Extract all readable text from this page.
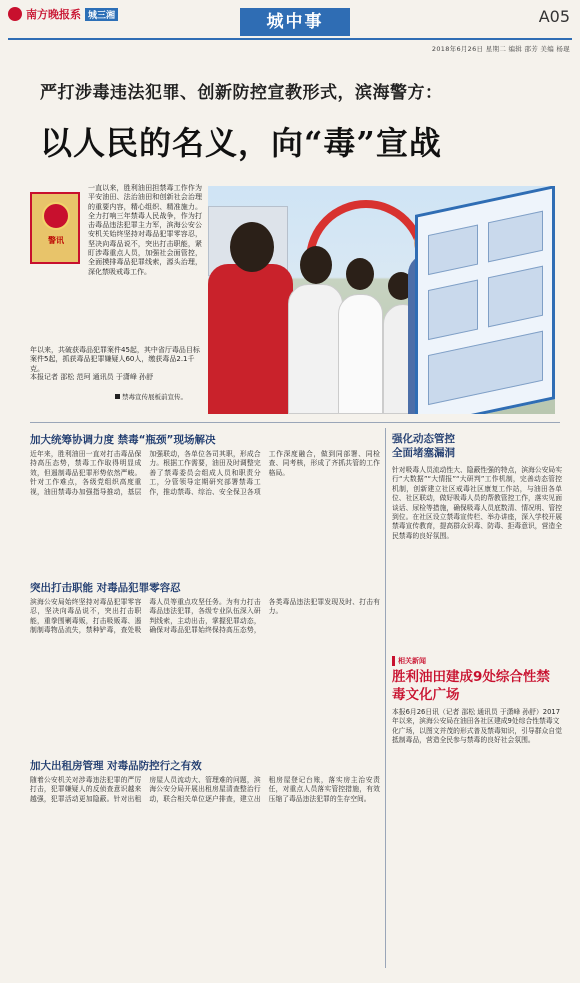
南方晚报系 城三湘	城中事	A05
2018年6月26日 星期二 编辑 邵芳 美编 杨琨
严打涉毒违法犯罪、创新防控宣教形式，滨海警方：
以人民的名义，向“毒”宣战
警讯
一直以来，胜利油田担禁毒工作作为平安油田、法治油田和创新社会治理的重要内容，精心组织、精准施力。全力打响三年禁毒人民战争，作为打击毒品违法犯罪主力军，滨海公安公安机关始终坚持对毒品犯罪零容忍，坚决向毒品说不，突出打击职能，紧盯涉毒重点人员，加强社会面管控，全面摸排毒品犯罪线索，源头治理，深化禁吸戒毒工作。
年以来，共破获毒品犯罪案件45起，其中省厅毒品目标案件5起，抓获毒品犯罪嫌疑人60人，缴获毒品2.1千克。
本报记者 邵松 范珂 通讯员 于潇峰 孙舒
禁毒宣传展板前宣传。
加大统筹协调力度 禁毒“瓶颈”现场解决
近年来，胜利油田一直对打击毒品保持高压态势，禁毒工作取得明显成效，但遏制毒品犯罪形势依然严峻。针对工作难点，各级党组织高度重视，油田禁毒办加强指导推动，基层加强联动，各单位各司其职，形成合力。根据工作需要，油田及时调整完善了禁毒委员会组成人员和职责分工，分管领导定期研究部署禁毒工作，推动禁毒、综治、安全保卫各项工作深度融合，做到同部署、同检查、同考核，形成了齐抓共管的工作格局。
强化动态管控
全面堵塞漏洞
针对吸毒人员流动性大、隐蔽性强的特点，滨海公安局实行“大数据”“大情报”“大研判”工作机制，完善动态管控机制，创新建立社区戒毒社区康复工作站，与油田各单位、社区联动，做好吸毒人员的帮教管控工作，落实见面谈话、尿检等措施，确保吸毒人员底数清、情况明、管控到位。在社区设立禁毒宣传栏、举办讲座，深入学校开展禁毒宣传教育，提高群众识毒、防毒、拒毒意识，营造全民禁毒的良好氛围。
突出打击职能 对毒品犯罪零容忍
滨海公安局始终坚持对毒品犯罪零容忍，坚决向毒品说不，突出打击职能，重拳围剿毒贩，打击吸贩毒、遏制制毒物品流失，禁种铲毒，查处吸毒人员等重点攻坚任务。为有力打击毒品违法犯罪，各级专业队伍深入研判线索，主动出击，掌握犯罪动态，确保对毒品犯罪始终保持高压态势，各类毒品违法犯罪发现及时、打击有力。
加大出租房管理 对毒品防控行之有效
随着公安机关对涉毒违法犯罪的严厉打击，犯罪嫌疑人的反侦查意识越来越强，犯罪活动更加隐蔽。针对出租房屋人员流动大、管理难的问题，滨海公安分局开展出租房屋清查整治行动，联合相关单位逐户排查，建立出租房屋登记台账，落实房主治安责任，对重点人员落实管控措施，有效压缩了毒品违法犯罪的生存空间。
相关新闻
胜利油田建成9处综合性禁毒文化广场
本报6月26日讯（记者 邵松 通讯员 于潇峰 孙舒）2017年以来，滨海公安局在油田各社区建成9处综合性禁毒文化广场，以图文并茂的形式普及禁毒知识，引导群众自觉抵制毒品，营造全民参与禁毒的良好社会氛围。
